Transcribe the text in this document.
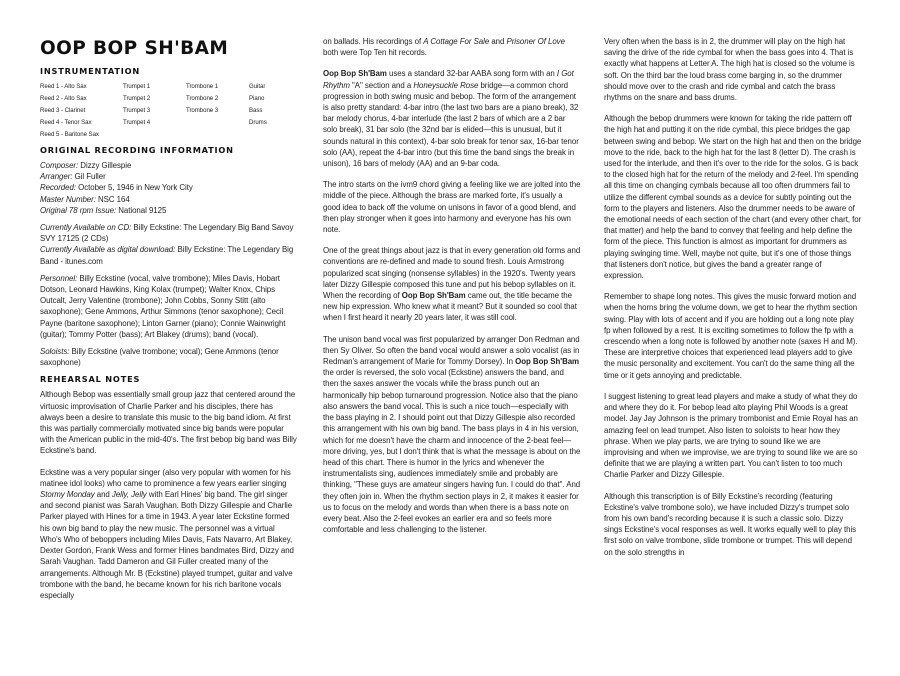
OOP BOP SH'BAM
INSTRUMENTATION
Reed 1 - Alto Sax
Reed 2 - Alto Sax
Reed 3 - Clarinet
Reed 4 - Tenor Sax
Reed 5 - Baritone Sax
Trumpet 1
Trumpet 2
Trumpet 3
Trumpet 4
Trombone 1
Trombone 2
Trombone 3
Guitar
Piano
Bass
Drums
ORIGINAL RECORDING INFORMATION

Composer: Dizzy Gillespie
Arranger: Gil Fuller
Recorded: October 5, 1946 in New York City
Master Number: NSC 164
Original 78 rpm Issue: National 9125

Currently Available on CD: Billy Eckstine: The Legendary Big Band Savoy SVY 17125 (2 CDs)
Currently Available as digital download: Billy Eckstine: The Legendary Big Band - itunes.com

Personnel: Billy Eckstine (vocal, valve trombone); Miles Davis, Hobart Dotson, Leonard Hawkins, King Kolax (trumpet); Walter Knox, Chips Outcalt, Jerry Valentine (trombone); John Cobbs, Sonny Stitt (alto saxophone); Gene Ammons, Arthur Simmons (tenor saxophone); Cecil Payne (baritone saxophone); Linton Garner (piano); Connie Wainwright (guitar); Tommy Potter (bass); Art Blakey (drums); band (vocal).

Soloists: Billy Eckstine (valve trombone; vocal); Gene Ammons (tenor saxophone)

REHEARSAL NOTES

Although Bebop was essentially small group jazz that centered around the virtuosic improvisation of Charlie Parker and his disciples, there has always been a desire to translate this music to the big band idiom. At first this was partially commercially motivated since big bands were popular with the American public in the mid-40's. The first bebop big band was Billy Eckstine's band.

Eckstine was a very popular singer (also very popular with women for his matinee idol looks) who came to prominence a few years earlier singing Stormy Monday and Jelly, Jelly with Earl Hines' big band. The girl singer and second pianist was Sarah Vaughan. Both Dizzy Gillespie and Charlie Parker played with Hines for a time in 1943. A year later Eckstine formed his own big band to play the new music. The personnel was a virtual Who's Who of beboppers including Miles Davis, Fats Navarro, Art Blakey, Dexter Gordon, Frank Wess and former Hines bandmates Bird, Dizzy and Sarah Vaughan. Tadd Dameron and Gil Fuller created many of the arrangements. Although Mr. B (Eckstine) played trumpet, guitar and valve trombone with the band, he became known for his rich baritone vocals especially

on ballads. His recordings of A Cottage For Sale and Prisoner Of Love both were Top Ten hit records.

Oop Bop Sh'Bam uses a standard 32-bar AABA song form with an I Got Rhythm "A" section and a Honeysuckle Rose bridge—a common chord progression in both swing music and bebop. The form of the arrangement is also pretty standard: 4-bar intro (the last two bars are a piano break), 32 bar melody chorus, 4-bar interlude (the last 2 bars of which are a 2 bar solo break), 31 bar solo (the 32nd bar is elided—this is unusual, but it sounds natural in this context), 4-bar solo break for tenor sax, 16-bar tenor solo (AA), repeat the 4-bar intro (but this time the band sings the break in unison), 16 bars of melody (AA) and an 9-bar coda.

The intro starts on the ivm9 chord giving a feeling like we are jolted into the middle of the piece. Although the brass are marked forte, it's usually a good idea to back off the volume on unisons in favor of a good blend, and then play stronger when it goes into harmony and everyone has his own note.

One of the great things about jazz is that in every generation old forms and conventions are re-defined and made to sound fresh. Louis Armstrong popularized scat singing (nonsense syllables) in the 1920's. Twenty years later Dizzy Gillespie composed this tune and put his bebop syllables on it. When the recording of Oop Bop Sh'Bam came out, the title became the new hip expression. Who knew what it meant? But it sounded so cool that when I first heard it nearly 20 years later, it was still cool.

The unison band vocal was first popularized by arranger Don Redman and then Sy Oliver. So often the band vocal would answer a solo vocalist (as in Redman's arrangement of Marie for Tommy Dorsey). In Oop Bop Sh'Bam the order is reversed, the solo vocal (Eckstine) answers the band, and then the saxes answer the vocals while the brass punch out an harmonically hip bebop turnaround progression. Notice also that the piano also answers the band vocal. This is such a nice touch—especially with the bass playing in 2. I should point out that Dizzy Gillespie also recorded this arrangement with his own big band. The bass plays in 4 in his version, which for me doesn't have the charm and innocence of the 2-beat feel—more driving, yes, but I don't think that is what the message is about on the head of this chart. There is humor in the lyrics and whenever the instrumentalists sing, audiences immediately smile and probably are thinking, "These guys are amateur singers having fun. I could do that". And they often join in. When the rhythm section plays in 2, it makes it easier for us to focus on the melody and words than when there is a bass note on every beat. Also the 2-feel evokes an earlier era and so feels more comfortable and less challenging to the listener.

Very often when the bass is in 2, the drummer will play on the high hat saving the drive of the ride cymbal for when the bass goes into 4. That is exactly what happens at Letter A. The high hat is closed so the volume is soft. On the third bar the loud brass come barging in, so the drummer should move over to the crash and ride cymbal and catch the brass rhythms on the snare and bass drums.

Although the bebop drummers were known for taking the ride pattern off the high hat and putting it on the ride cymbal, this piece bridges the gap between swing and bebop. We start on the high hat and then on the bridge move to the ride, back to the high hat for the last 8 (letter D). The crash is used for the interlude, and then it's over to the ride for the solos. G is back to the closed high hat for the return of the melody and 2-feel. I'm spending all this time on changing cymbals because all too often drummers fail to utilize the different cymbal sounds as a device for subtly pointing out the form to the players and listeners. Also the drummer needs to be aware of the emotional needs of each section of the chart (and every other chart, for that matter) and help the band to convey that feeling and help define the form of the piece. This function is almost as important for drummers as playing swinging time. Well, maybe not quite, but it's one of those things that listeners don't notice, but gives the band a greater range of expression.

Remember to shape long notes. This gives the music forward motion and when the horns bring the volume down, we get to hear the rhythm section swing. Play with lots of accent and if you are holding out a long note play fp when followed by a rest. It is exciting sometimes to follow the fp with a crescendo when a long note is followed by another note (saxes H and M). These are interpretive choices that experienced lead players add to give the music personality and excitement. You can't do the same thing all the time or it gets annoying and predictable.

I suggest listening to great lead players and make a study of what they do and where they do it. For bebop lead alto playing Phil Woods is a great model. Jay Jay Johnson is the primary trombonist and Ernie Royal has an amazing feel on lead trumpet. Also listen to soloists to hear how they phrase. When we play parts, we are trying to sound like we are improvising and when we improvise, we are trying to sound like we are so definite that we are playing a written part. You can't listen to too much Charlie Parker and Dizzy Gillespie.

Although this transcription is of Billy Eckstine's recording (featuring Eckstine's valve trombone solo), we have included Dizzy's trumpet solo from his own band's recording because it is such a classic solo. Dizzy sings Eckstine's vocal responses as well. It works equally well to play this first solo on valve trombone, slide trombone or trumpet. This will depend on the solo strengths in
